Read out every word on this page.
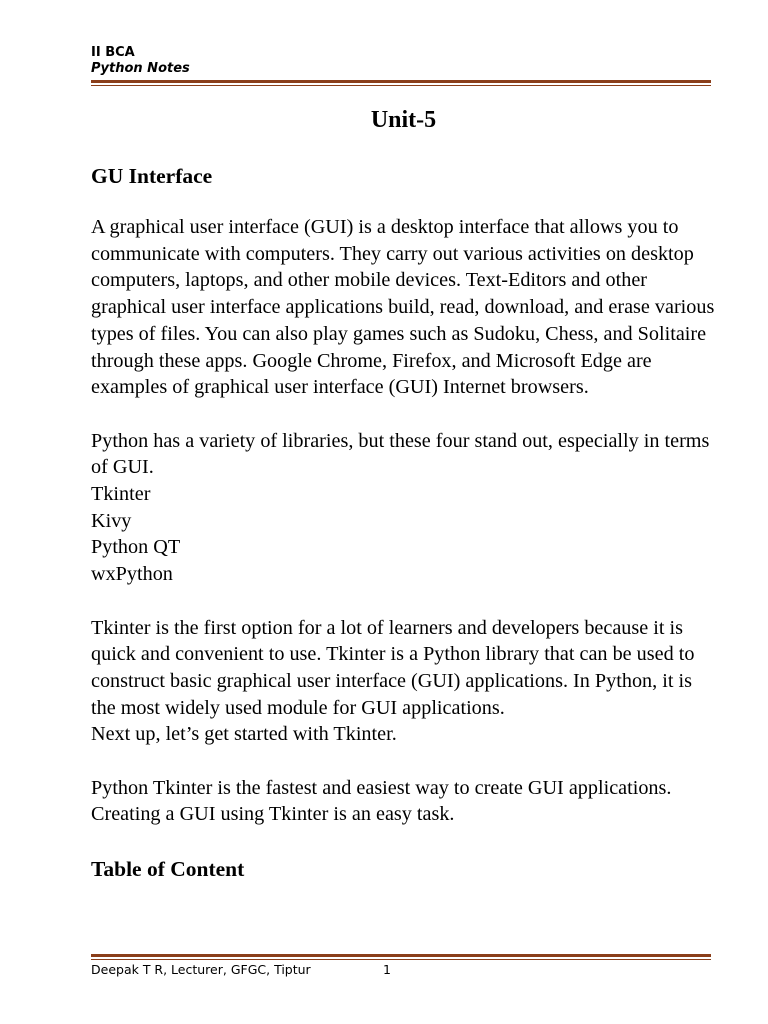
II BCA
Python Notes
Unit-5
GU Interface

A graphical user interface (GUI) is a desktop interface that allows you to communicate with computers. They carry out various activities on desktop computers, laptops, and other mobile devices. Text-Editors and other graphical user interface applications build, read, download, and erase various types of files. You can also play games such as Sudoku, Chess, and Solitaire through these apps. Google Chrome, Firefox, and Microsoft Edge are examples of graphical user interface (GUI) Internet browsers.

Python has a variety of libraries, but these four stand out, especially in terms of GUI.
Tkinter
Kivy
Python QT
wxPython
Tkinter is the first option for a lot of learners and developers because it is quick and convenient to use. Tkinter is a Python library that can be used to construct basic graphical user interface (GUI) applications. In Python, it is the most widely used module for GUI applications.
Next up, let’s get started with Tkinter.

Python Tkinter is the fastest and easiest way to create GUI applications. Creating a GUI using Tkinter is an easy task.

Table of Content
Deepak T R, Lecturer, GFGC, Tiptur	1
